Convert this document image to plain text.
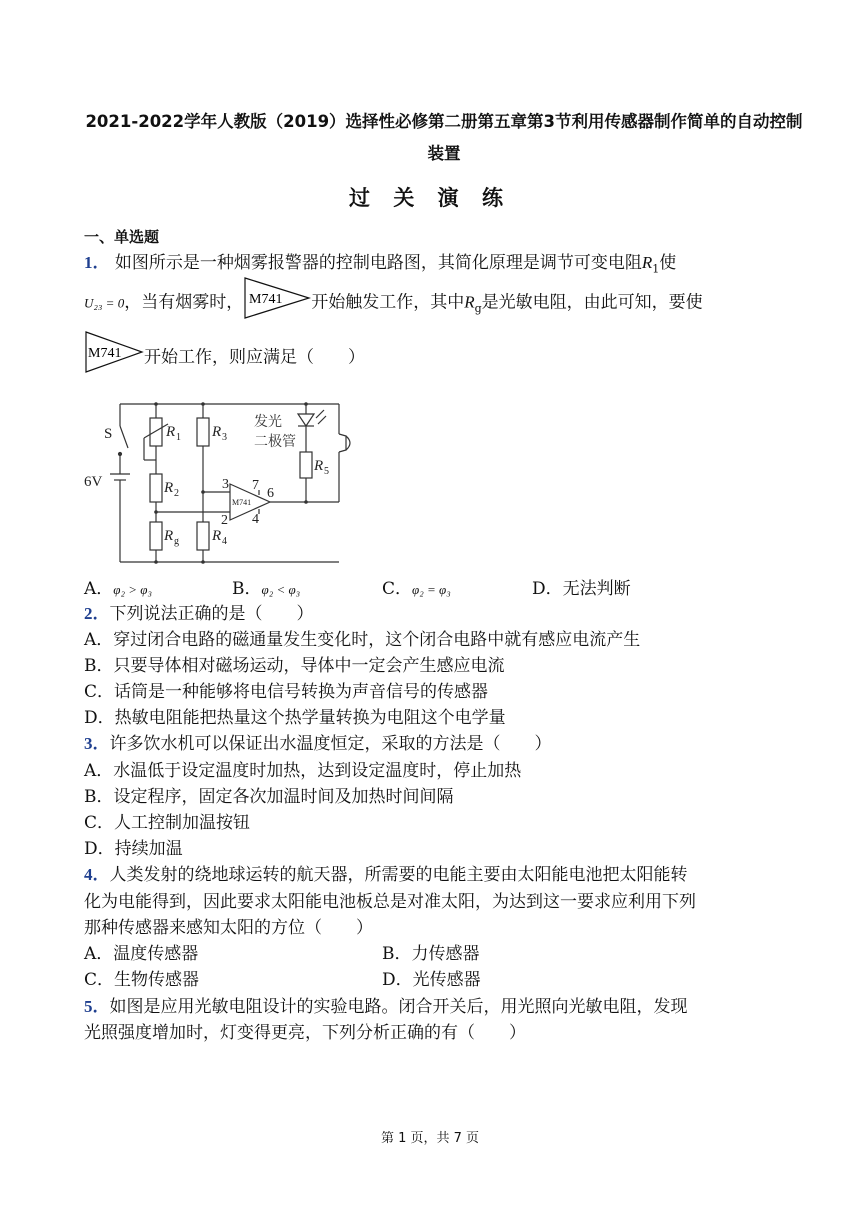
2021-2022学年人教版（2019）选择性必修第二册第五章第3节利用传感器制作简单的自动控制
装置
过 关 演 练
一、单选题
1． 如图所示是一种烟雾报警器的控制电路图，其简化原理是调节可变电阻$R_1$使
U₂₃ = 0，当有烟雾时， M741 开始触发工作，其中$R_g$是光敏电阻，由此可知，要使
M741 开始工作，则应满足（　　）
S
6V
R 1
R 2
R g
R 3
R 4
R 5
3 7
6
2 4
M741
发光
二极管
A．φ₂ > φ₃	B．φ₂ < φ₃	C．φ₂ = φ₃	D．无法判断
2．下列说法正确的是（　　）
A．穿过闭合电路的磁通量发生变化时，这个闭合电路中就有感应电流产生
B．只要导体相对磁场运动，导体中一定会产生感应电流
C．话筒是一种能够将电信号转换为声音信号的传感器
D．热敏电阻能把热量这个热学量转换为电阻这个电学量
3．许多饮水机可以保证出水温度恒定，采取的方法是（　　）
A．水温低于设定温度时加热，达到设定温度时，停止加热
B．设定程序，固定各次加温时间及加热时间间隔
C．人工控制加温按钮
D．持续加温
4．人类发射的绕地球运转的航天器，所需要的电能主要由太阳能电池把太阳能转
化为电能得到，因此要求太阳能电池板总是对准太阳，为达到这一要求应利用下列
那种传感器来感知太阳的方位（　　）
A．温度传感器	B．力传感器
C．生物传感器	D．光传感器
5．如图是应用光敏电阻设计的实验电路。闭合开关后，用光照向光敏电阻，发现
光照强度增加时，灯变得更亮，下列分析正确的有（　　）
第 1 页，共 7 页
